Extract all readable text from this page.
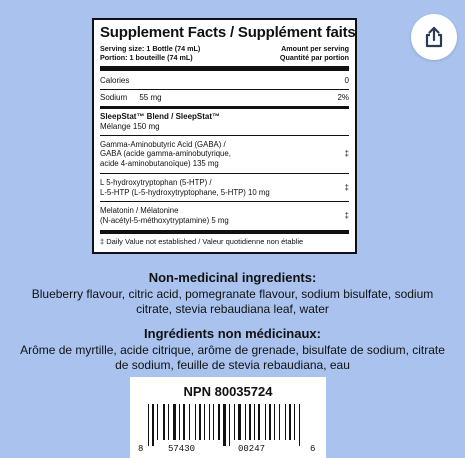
Supplement Facts / Supplément faits
Serving size: 1 Bottle (74 mL)
Portion: 1 bouteille (74 mL)
Amount per serving
Quantité par portion
Calories	0
Sodium 55 mg	2%
SleepStat™ Blend / SleepStat™
Mélange 150 mg
Gamma-Aminobutyric Acid (GABA) /
GABA (acide gamma-aminobutyrique,
acide 4-aminobutanoïque) 135 mg
‡
L 5-hydroxytryptophan (5-HTP) /
L-5-HTP (L-5-hydroxytryptophane, 5-HTP) 10 mg
‡
Melatonin / Mélatonine
(N-acétyl-5-méthoxytryptamine) 5 mg
‡
‡ Daily Value not established / Valeur quotidienne non établie
Non-medicinal ingredients:
Blueberry flavour, citric acid, pomegranate flavour, sodium bisulfate, sodium
citrate, stevia rebaudiana leaf, water
Ingrédients non médicinaux:
Arôme de myrtille, acide citrique, arôme de grenade, bisulfate de sodium, citrate
de sodium, feuille de stevia rebaudiana, eau
NPN 80035724
8	57430	00247	6
